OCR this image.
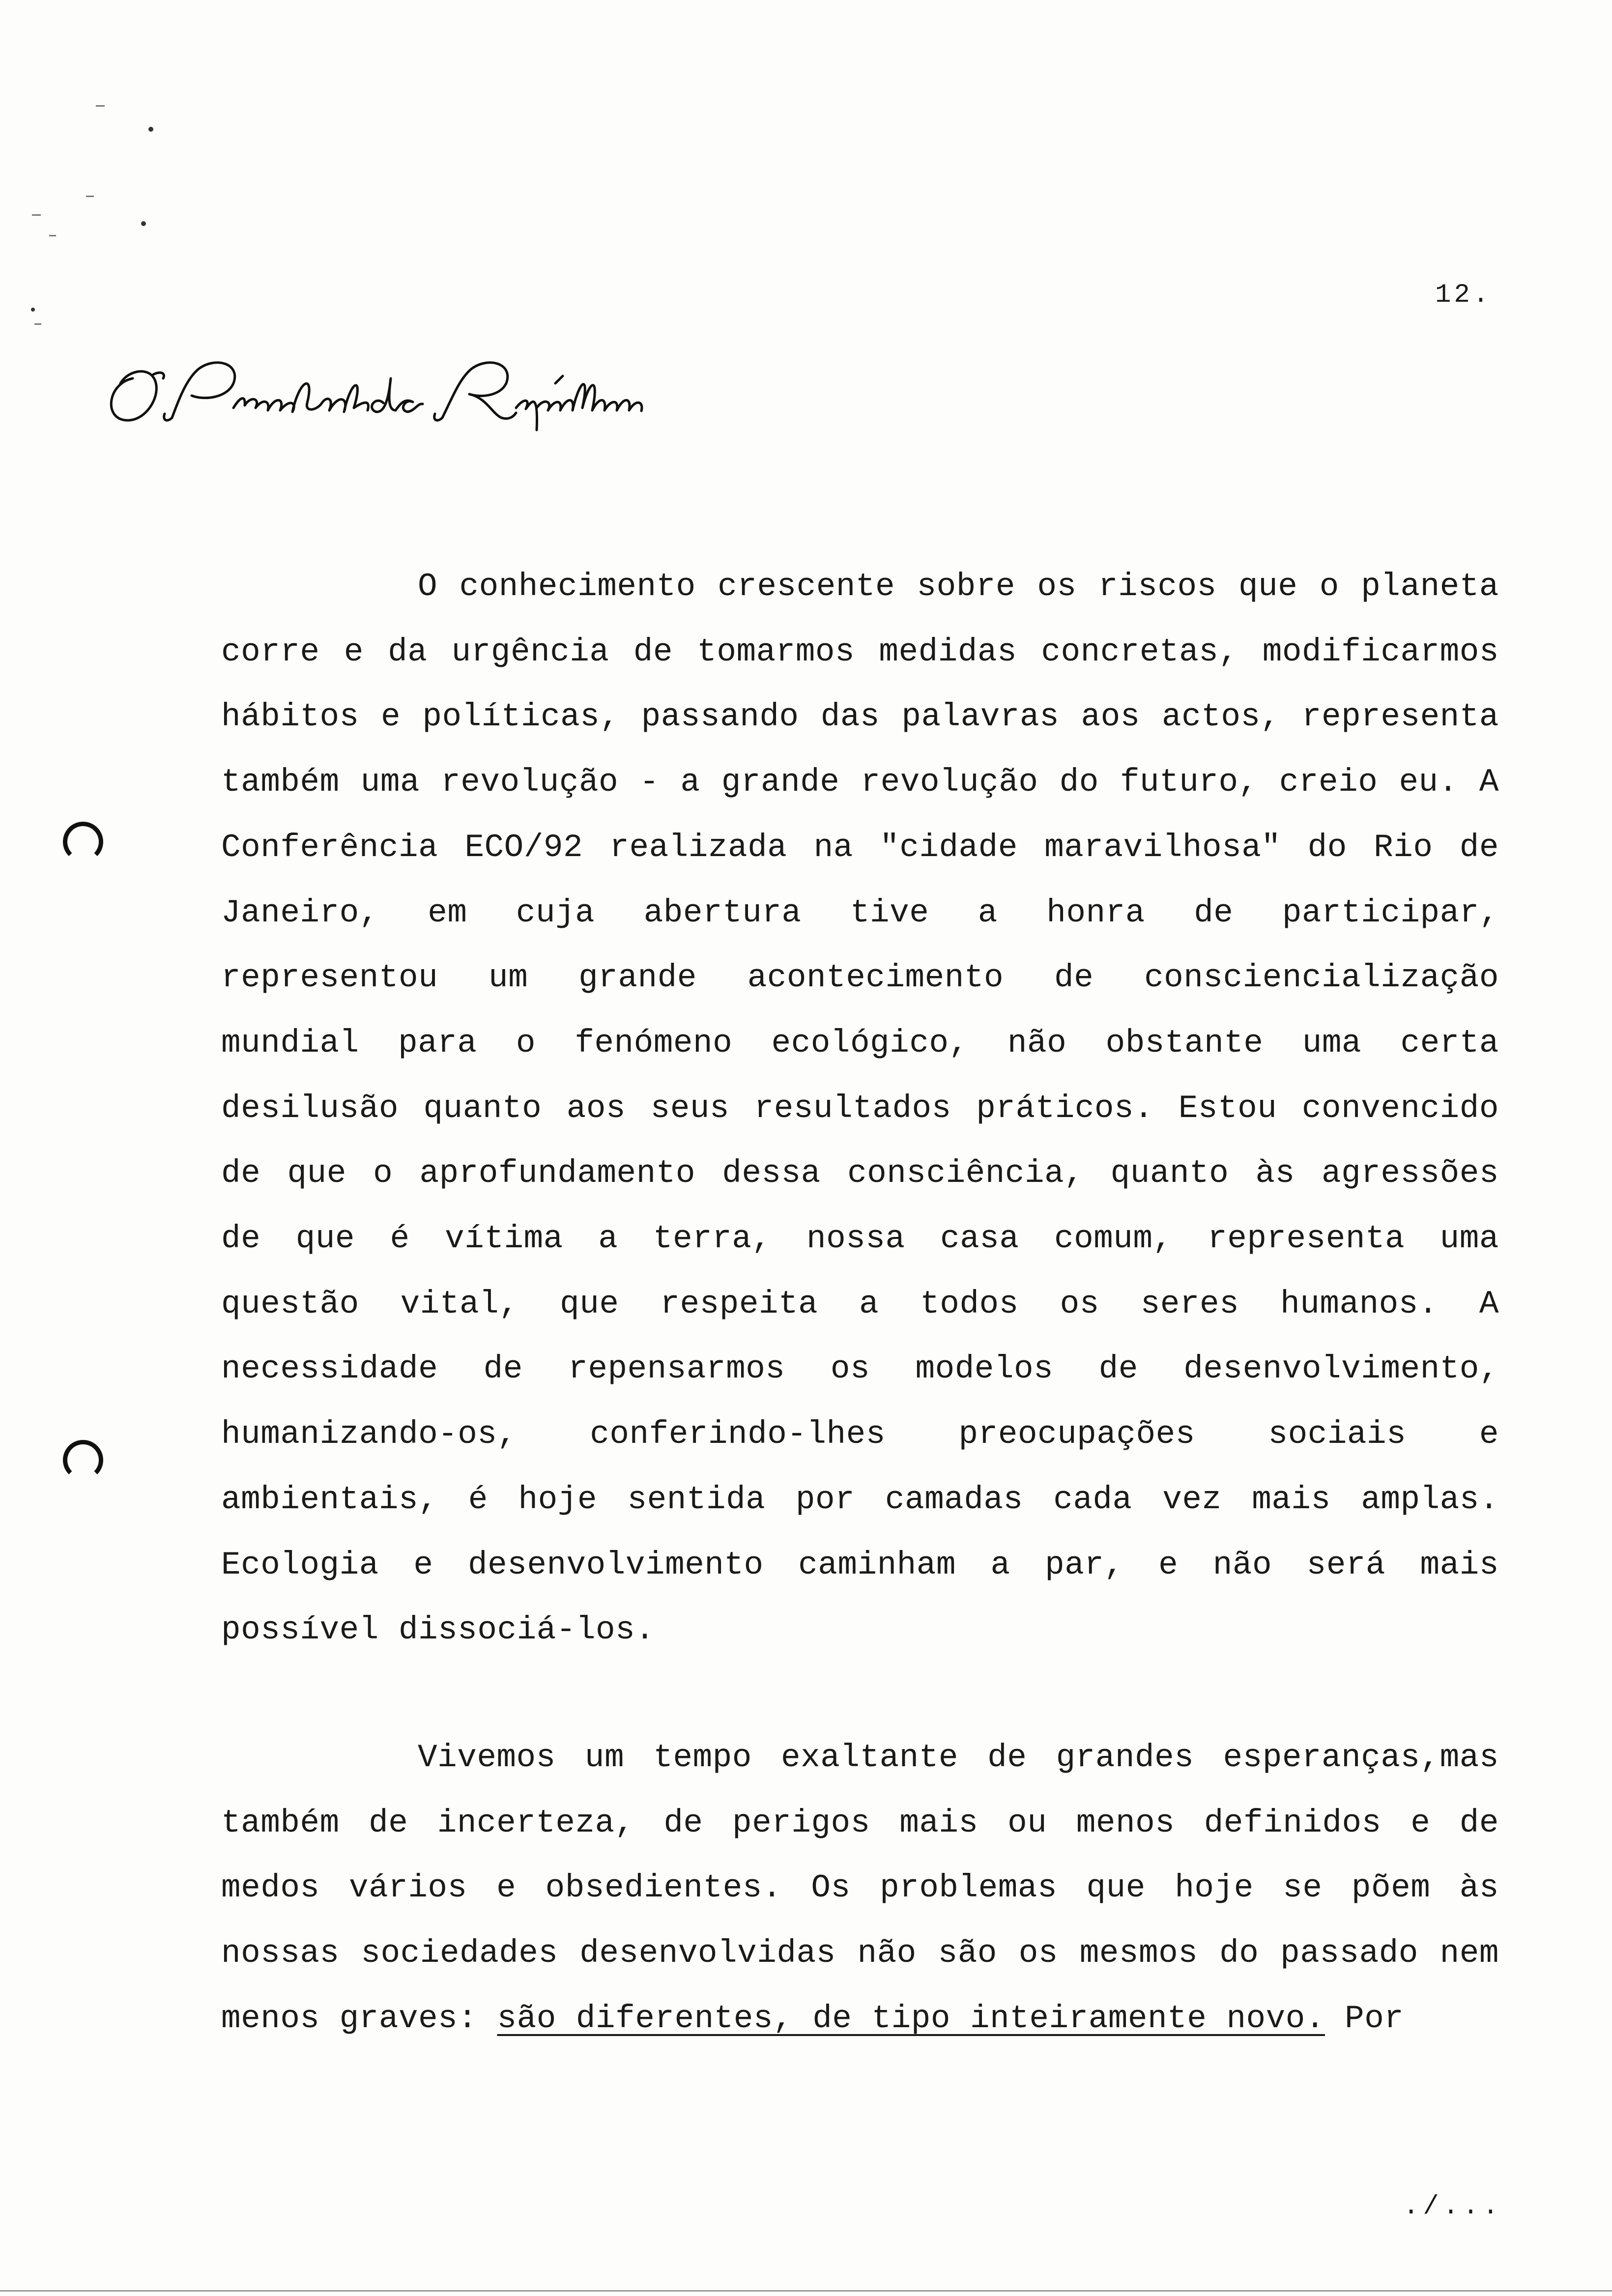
12.
O conhecimento crescente sobre os riscos que o planeta corre e da urgência de tomarmos medidas concretas, modificarmos hábitos e políticas, passando das palavras aos actos, representa também uma revolução - a grande revolução do futuro, creio eu. A Conferência ECO/92 realizada na "cidade maravilhosa" do Rio de Janeiro, em cuja abertura tive a honra de participar, representou um grande acontecimento de consciencialização mundial para o fenómeno ecológico, não obstante uma certa desilusão quanto aos seus resultados práticos. Estou convencido de que o aprofundamento dessa consciência, quanto às agressões de que é vítima a terra, nossa casa comum, representa uma questão vital, que respeita a todos os seres humanos. A necessidade de repensarmos os modelos de desenvolvimento, humanizando-os, conferindo-lhes preocupações sociais e ambientais, é hoje sentida por camadas cada vez mais amplas. Ecologia e desenvolvimento caminham a par, e não será mais possível dissociá-los.
Vivemos um tempo exaltante de grandes esperanças,mas também de incerteza, de perigos mais ou menos definidos e de medos vários e obsedientes. Os problemas que hoje se põem às nossas sociedades desenvolvidas não são os mesmos do passado nem menos graves: são diferentes, de tipo inteiramente novo. Por
./...
